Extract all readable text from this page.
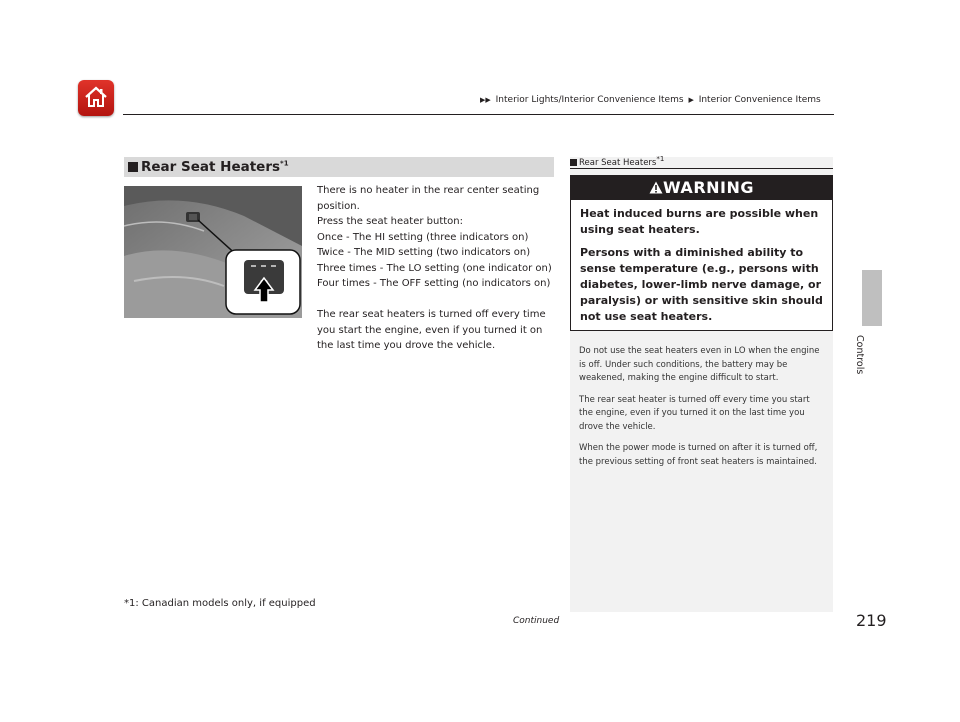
▶▶ Interior Lights/Interior Convenience Items ▶ Interior Convenience Items
Controls
Rear Seat Heaters$^{*1}$

There is no heater in the rear center seating position.

Press the seat heater button:

Once - The HI setting (three indicators on)

Twice - The MID setting (two indicators on)

Three times - The LO setting (one indicator on)

Four times - The OFF setting (no indicators on)

The rear seat heaters is turned off every time you start the engine, even if you turned it on the last time you drove the vehicle.

Rear Seat Heaters$^{*1}$
WARNING

Heat induced burns are possible when using seat heaters.

Persons with a diminished ability to sense temperature (e.g., persons with diabetes, lower-limb nerve damage, or paralysis) or with sensitive skin should not use seat heaters.

Do not use the seat heaters even in LO when the engine is off. Under such conditions, the battery may be weakened, making the engine difficult to start.

The rear seat heater is turned off every time you start the engine, even if you turned it on the last time you drove the vehicle.

When the power mode is turned on after it is turned off, the previous setting of front seat heaters is maintained.

*1: Canadian models only, if equipped
Continued	219
